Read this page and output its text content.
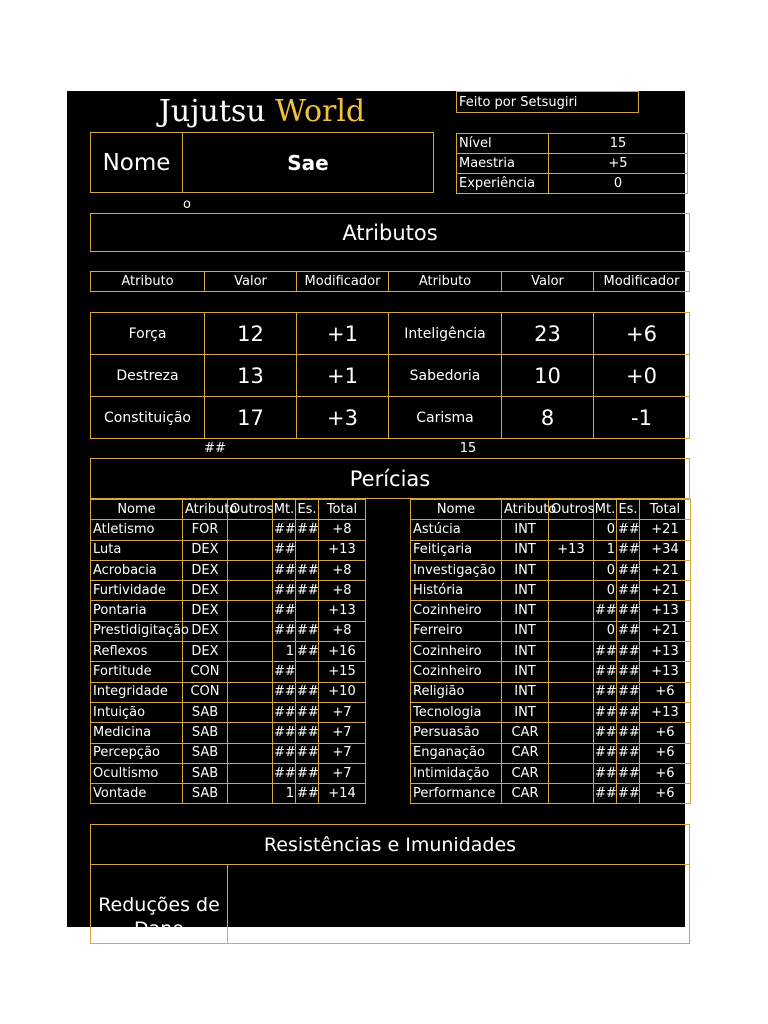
Jujutsu
World	Feito por Setsugiri
Nome	Sae
Nível	15
Maestria	+5
Experiência	0
o
Atributos
Atributo	Valor	Modificador	Atributo	Valor	Modificador
Força	12	+1	Inteligência 23	+6
Destreza	13	+1	Sabedoria	10	+0
Constituição 17	+3	Carisma	8	-1
##	15
Perícias
Nome	Atributo	Outros	Mt.	Es.	Total
Atletismo	FOR		##	##	+8
Luta	DEX		##		+13
Acrobacia	DEX		##	##	+8
Furtividade	DEX		##	##	+8
Pontaria	DEX		##		+13
Prestidigitação	DEX		##	##	+8
Reflexos	DEX		1	##	+16
Fortitude	CON		##		+15
Integridade	CON		##	##	+10
Intuição	SAB		##	##	+7
Medicina	SAB		##	##	+7
Percepção	SAB		##	##	+7
Ocultismo	SAB		##	##	+7
Vontade	SAB		1	##	+14
Nome	Atributo	Outros	Mt.	Es.	Total
Astúcia	INT		0	##	+21
Feitiçaria	INT	+13	1	##	+34
Investigação	INT		0	##	+21
História	INT		0	##	+21
Cozinheiro	INT		##	##	+13
Ferreiro	INT		0	##	+21
Cozinheiro	INT		##	##	+13
Cozinheiro	INT		##	##	+13
Religião	INT		##	##	+6
Tecnologia	INT		##	##	+13
Persuasão	CAR		##	##	+6
Enganação	CAR		##	##	+6
Intimidação	CAR		##	##	+6
Performance	CAR		##	##	+6
Resistências e Imunidades
Reduções de Dano
